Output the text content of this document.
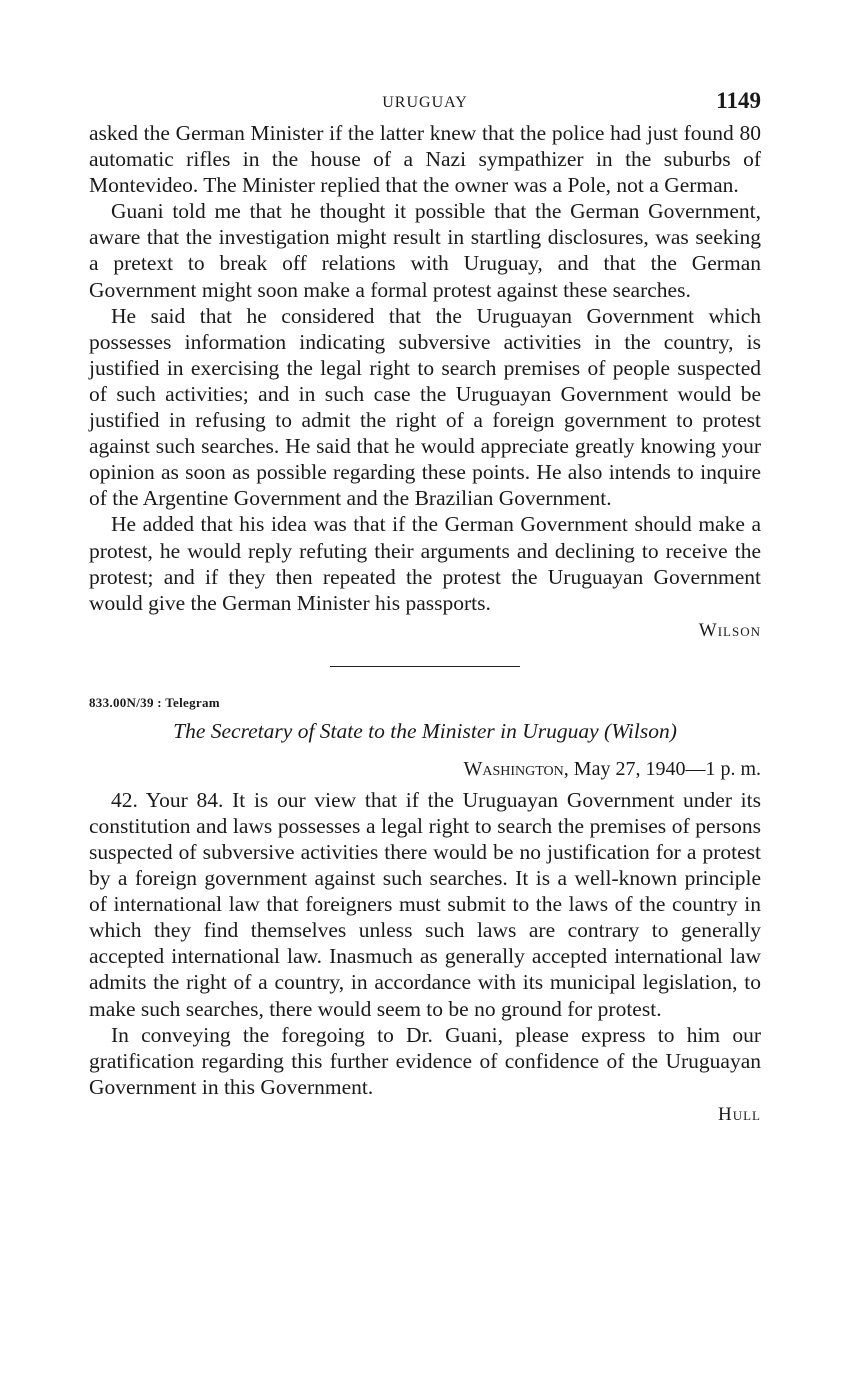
URUGUAY	1149

asked the German Minister if the latter knew that the police had just found 80 automatic rifles in the house of a Nazi sympathizer in the suburbs of Montevideo. The Minister replied that the owner was a Pole, not a German.

Guani told me that he thought it possible that the German Government, aware that the investigation might result in startling disclosures, was seeking a pretext to break off relations with Uruguay, and that the German Government might soon make a formal protest against these searches.

He said that he considered that the Uruguayan Government which possesses information indicating subversive activities in the country, is justified in exercising the legal right to search premises of people suspected of such activities; and in such case the Uruguayan Government would be justified in refusing to admit the right of a foreign government to protest against such searches. He said that he would appreciate greatly knowing your opinion as soon as possible regarding these points. He also intends to inquire of the Argentine Government and the Brazilian Government.

He added that his idea was that if the German Government should make a protest, he would reply refuting their arguments and declining to receive the protest; and if they then repeated the protest the Uruguayan Government would give the German Minister his passports.

Wilson
833.00N/39 : Telegram
The Secretary of State to the Minister in Uruguay (Wilson)
Washington, May 27, 1940—1 p. m.

42. Your 84. It is our view that if the Uruguayan Government under its constitution and laws possesses a legal right to search the premises of persons suspected of subversive activities there would be no justification for a protest by a foreign government against such searches. It is a well-known principle of international law that foreigners must submit to the laws of the country in which they find themselves unless such laws are contrary to generally accepted international law. Inasmuch as generally accepted international law admits the right of a country, in accordance with its municipal legislation, to make such searches, there would seem to be no ground for protest.

In conveying the foregoing to Dr. Guani, please express to him our gratification regarding this further evidence of confidence of the Uruguayan Government in this Government.

Hull
